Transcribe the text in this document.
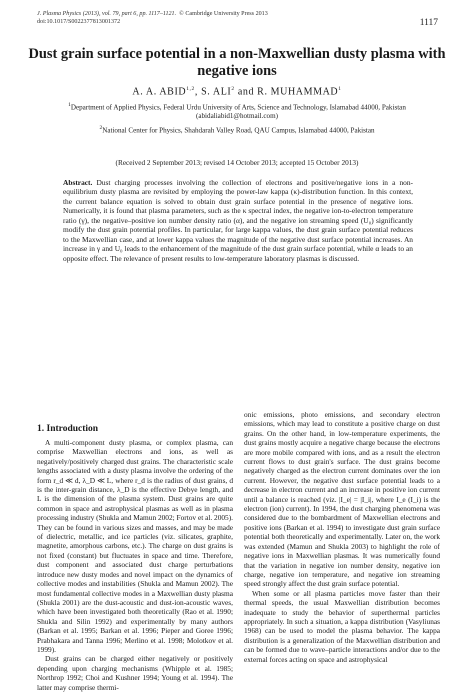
J. Plasma Physics (2013), vol. 79, part 6, pp. 1117–1121. © Cambridge University Press 2013
doi:10.1017/S0022377813001372	1117
Dust grain surface potential in a non-Maxwellian dusty plasma with negative ions
A. A. ABID$^{1,2}$, S. ALI$^2$ and R. MUHAMMAD$^1$
$^1$Department of Applied Physics, Federal Urdu University of Arts, Science and Technology, Islamabad 44000, Pakistan
(abidaliabid1@hotmail.com)
$^2$National Center for Physics, Shahdarah Valley Road, QAU Campus, Islamabad 44000, Pakistan
(Received 2 September 2013; revised 14 October 2013; accepted 15 October 2013)

Abstract. Dust charging processes involving the collection of electrons and positive/negative ions in a non-equilibrium dusty plasma are revisited by employing the power-law kappa (κ)-distribution function. In this context, the current balance equation is solved to obtain dust grain surface potential in the presence of negative ions. Numerically, it is found that plasma parameters, such as the κ spectral index, the negative ion-to-electron temperature ratio (γ), the negative–positive ion number density ratio (α), and the negative ion streaming speed (U₀) significantly modify the dust grain potential profiles. In particular, for large kappa values, the dust grain surface potential reduces to the Maxwellian case, and at lower kappa values the magnitude of the negative dust surface potential increases. An increase in γ and U₀ leads to the enhancement of the magnitude of the dust grain surface potential, while α leads to an opposite effect. The relevance of present results to low-temperature laboratory plasmas is discussed.

1. Introduction

A multi-component dusty plasma, or complex plasma, can comprise Maxwellian electrons and ions, as well as negatively/positively charged dust grains. The characteristic scale lengths associated with a dusty plasma involve the ordering of the form r_d ≪ d, λ_D ≪ L, where r_d is the radius of dust grains, d is the inter-grain distance, λ_D is the effective Debye length, and L is the dimension of the plasma system. Dust grains are quite common in space and astrophysical plasmas as well as in plasma processing industry (Shukla and Mamun 2002; Fortov et al. 2005). They can be found in various sizes and masses, and may be made of dielectric, metallic, and ice particles (viz. silicates, graphite, magnetite, amorphous carbons, etc.). The charge on dust grains is not fixed (constant) but fluctuates in space and time. Therefore, dust component and associated dust charge perturbations introduce new dusty modes and novel impact on the dynamics of collective modes and instabilities (Shukla and Mamun 2002). The most fundamental collective modes in a Maxwellian dusty plasma (Shukla 2001) are the dust-acoustic and dust-ion-acoustic waves, which have been investigated both theoretically (Rao et al. 1990; Shukla and Silin 1992) and experimentally by many authors (Barkan et al. 1995; Barkan et al. 1996; Pieper and Goree 1996; Prabhakara and Tanna 1996; Merlino et al. 1998; Molotkov et al. 1999).

Dust grains can be charged either negatively or positively depending upon charging mechanisms (Whipple et al. 1985; Northrop 1992; Choi and Kushner 1994; Young et al. 1994). The latter may comprise thermi-

onic emissions, photo emissions, and secondary electron emissions, which may lead to constitute a positive charge on dust grains. On the other hand, in low-temperature experiments, the dust grains mostly acquire a negative charge because the electrons are more mobile compared with ions, and as a result the electron current flows to dust grain's surface. The dust grains become negatively charged as the electron current dominates over the ion current. However, the negative dust surface potential leads to a decrease in electron current and an increase in positive ion current until a balance is reached (viz. |I_e| = |I_i|, where I_e (I_i) is the electron (ion) current). In 1994, the dust charging phenomena was considered due to the bombardment of Maxwellian electrons and positive ions (Barkan et al. 1994) to investigate dust grain surface potential both theoretically and experimentally. Later on, the work was extended (Mamun and Shukla 2003) to highlight the role of negative ions in Maxwellian plasmas. It was numerically found that the variation in negative ion number density, negative ion charge, negative ion temperature, and negative ion streaming speed strongly affect the dust grain surface potential.

When some or all plasma particles move faster than their thermal speeds, the usual Maxwellian distribution becomes inadequate to study the behavior of superthermal particles appropriately. In such a situation, a kappa distribution (Vasyliunas 1968) can be used to model the plasma behavior. The kappa distribution is a generalization of the Maxwellian distribution and can be formed due to wave–particle interactions and/or due to the external forces acting on space and astrophysical
